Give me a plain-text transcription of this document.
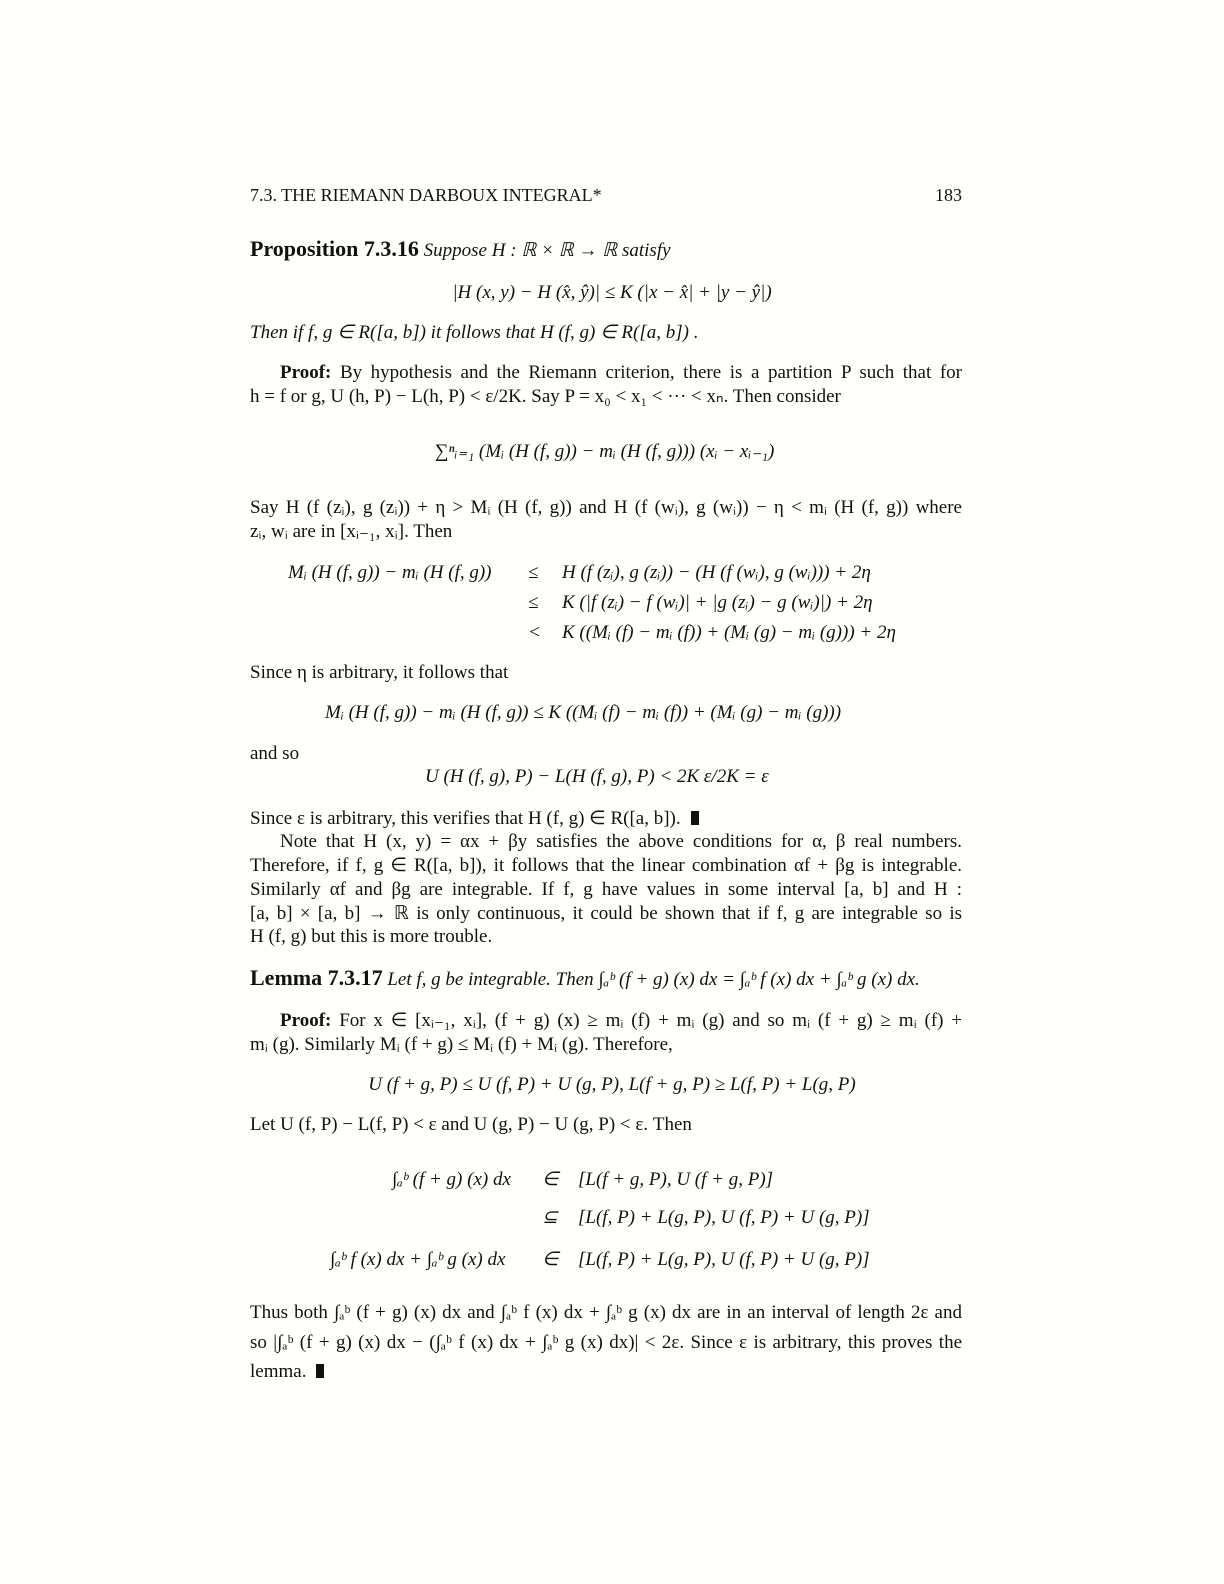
7.3. THE RIEMANN DARBOUX INTEGRAL*	183
Proposition 7.3.16 Suppose H : ℝ × ℝ → ℝ satisfy
|H (x, y) − H (x̂, ŷ)| ≤ K (|x − x̂| + |y − ŷ|)
Then if f, g ∈ R([a, b]) it follows that H (f, g) ∈ R([a, b]) .
Proof: By hypothesis and the Riemann criterion, there is a partition P such that for
h = f or g, U (h, P) − L(h, P) < ε/2K. Say P = x₀ < x₁ < ··· < xₙ. Then consider
∑ⁿᵢ₌₁ (Mᵢ (H (f, g)) − mᵢ (H (f, g))) (xᵢ − xᵢ₋₁)
Say H (f (zᵢ), g (zᵢ)) + η > Mᵢ (H (f, g)) and H (f (wᵢ), g (wᵢ)) − η < mᵢ (H (f, g)) where
zᵢ, wᵢ are in [xᵢ₋₁, xᵢ]. Then
Mᵢ (H (f, g)) − mᵢ (H (f, g)) ≤ H (f (zᵢ), g (zᵢ)) − (H (f (wᵢ), g (wᵢ))) + 2η
≤ K (|f (zᵢ) − f (wᵢ)| + |g (zᵢ) − g (wᵢ)|) + 2η
< K ((Mᵢ (f) − mᵢ (f)) + (Mᵢ (g) − mᵢ (g))) + 2η
Since η is arbitrary, it follows that
Mᵢ (H (f, g)) − mᵢ (H (f, g)) ≤ K ((Mᵢ (f) − mᵢ (f)) + (Mᵢ (g) − mᵢ (g)))
and so
U (H (f, g), P) − L(H (f, g), P) < 2K ε/2K = ε
Since ε is arbitrary, this verifies that H (f, g) ∈ R([a, b]).
Note that H (x, y) = αx + βy satisfies the above conditions for α, β real numbers.
Therefore, if f, g ∈ R([a, b]), it follows that the linear combination αf + βg is integrable.
Similarly αf and βg are integrable. If f, g have values in some interval [a, b] and H :
[a, b] × [a, b] → ℝ is only continuous, it could be shown that if f, g are integrable so is
H (f, g) but this is more trouble.
Lemma 7.3.17 Let f, g be integrable. Then ∫ₐᵇ (f + g) (x) dx = ∫ₐᵇ f (x) dx + ∫ₐᵇ g (x) dx.
Proof: For x ∈ [xᵢ₋₁, xᵢ], (f + g) (x) ≥ mᵢ (f) + mᵢ (g) and so mᵢ (f + g) ≥ mᵢ (f) +
mᵢ (g). Similarly Mᵢ (f + g) ≤ Mᵢ (f) + Mᵢ (g). Therefore,
U (f + g, P) ≤ U (f, P) + U (g, P), L(f + g, P) ≥ L(f, P) + L(g, P)
Let U (f, P) − L(f, P) < ε and U (g, P) − U (g, P) < ε. Then
∫ₐᵇ (f + g) (x) dx ∈ [L(f + g, P), U (f + g, P)]
⊆ [L(f, P) + L(g, P), U (f, P) + U (g, P)]
∫ₐᵇ f (x) dx + ∫ₐᵇ g (x) dx ∈ [L(f, P) + L(g, P), U (f, P) + U (g, P)]
Thus both ∫ₐᵇ (f + g) (x) dx and ∫ₐᵇ f (x) dx + ∫ₐᵇ g (x) dx are in an interval of length 2ε and
so |∫ₐᵇ (f + g) (x) dx − (∫ₐᵇ f (x) dx + ∫ₐᵇ g (x) dx)| < 2ε. Since ε is arbitrary, this proves the
lemma.
